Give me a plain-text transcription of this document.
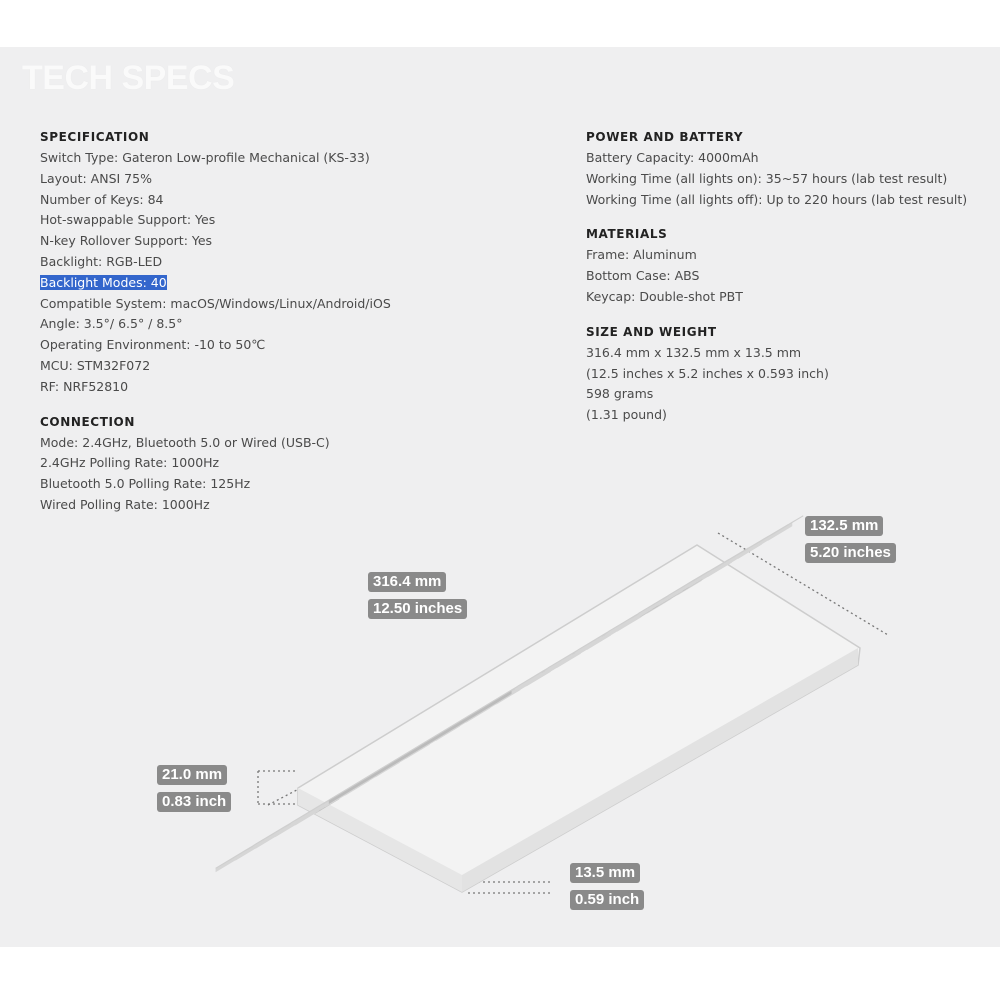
TECH SPECS
SPECIFICATION
Switch Type: Gateron Low-profile Mechanical (KS-33)
Layout: ANSI 75%
Number of Keys: 84
Hot-swappable Support: Yes
N-key Rollover Support: Yes
Backlight: RGB-LED
Backlight Modes: 40
Compatible System: macOS/Windows/Linux/Android/iOS
Angle: 3.5°/ 6.5° / 8.5°
Operating Environment: -10 to 50℃
MCU: STM32F072
RF: NRF52810
CONNECTION
Mode: 2.4GHz, Bluetooth 5.0 or Wired (USB-C)
2.4GHz Polling Rate: 1000Hz
Bluetooth 5.0 Polling Rate: 125Hz
Wired Polling Rate: 1000Hz
POWER AND BATTERY
Battery Capacity: 4000mAh
Working Time (all lights on): 35~57 hours (lab test result)
Working Time (all lights off): Up to 220 hours (lab test result)
MATERIALS
Frame: Aluminum
Bottom Case: ABS
Keycap: Double-shot PBT
SIZE AND WEIGHT
316.4 mm x 132.5 mm x 13.5 mm
(12.5 inches x 5.2 inches x 0.593 inch)
598 grams
(1.31 pound)
316.4 mm
12.50 inches
132.5 mm
5.20 inches
21.0 mm
0.83 inch
13.5 mm
0.59 inch
